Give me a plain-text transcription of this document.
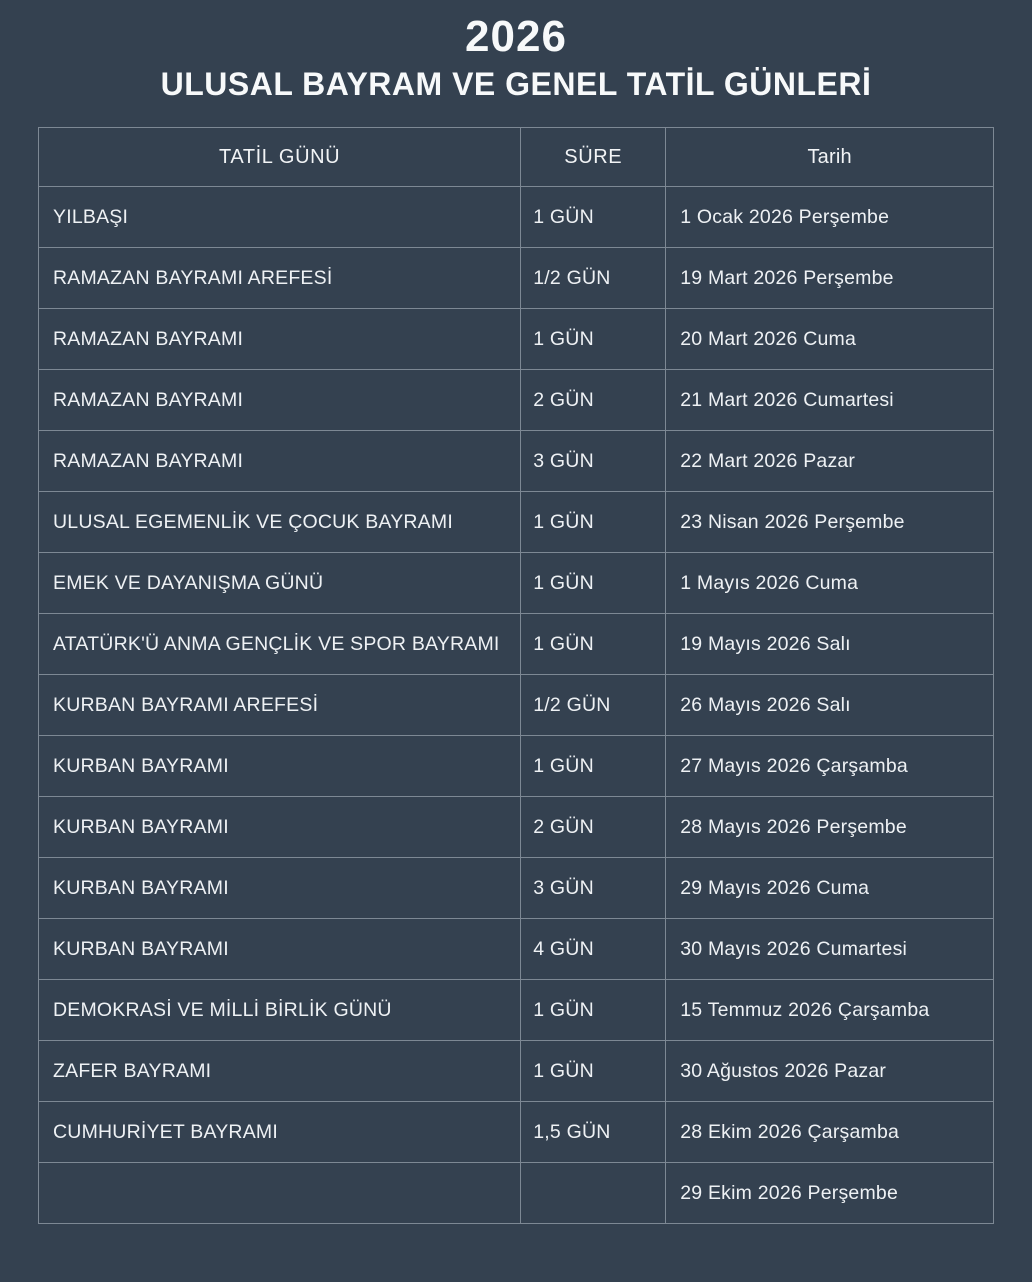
2026
ULUSAL BAYRAM VE GENEL TATİL GÜNLERİ
TATİL GÜNÜ	SÜRE	Tarih
YILBAŞI	1 GÜN	1 Ocak 2026 Perşembe
RAMAZAN BAYRAMI AREFESİ	1/2 GÜN	19 Mart 2026 Perşembe
RAMAZAN BAYRAMI	1 GÜN	20 Mart 2026 Cuma
RAMAZAN BAYRAMI	2 GÜN	21 Mart 2026 Cumartesi
RAMAZAN BAYRAMI	3 GÜN	22 Mart 2026 Pazar
ULUSAL EGEMENLİK VE ÇOCUK BAYRAMI	1 GÜN	23 Nisan 2026 Perşembe
EMEK VE DAYANIŞMA GÜNÜ	1 GÜN	1 Mayıs 2026 Cuma
ATATÜRK'Ü ANMA GENÇLİK VE SPOR BAYRAMI	1 GÜN	19 Mayıs 2026 Salı
KURBAN BAYRAMI AREFESİ	1/2 GÜN	26 Mayıs 2026 Salı
KURBAN BAYRAMI	1 GÜN	27 Mayıs 2026 Çarşamba
KURBAN BAYRAMI	2 GÜN	28 Mayıs 2026 Perşembe
KURBAN BAYRAMI	3 GÜN	29 Mayıs 2026 Cuma
KURBAN BAYRAMI	4 GÜN	30 Mayıs 2026 Cumartesi
DEMOKRASİ VE MİLLİ BİRLİK GÜNÜ	1 GÜN	15 Temmuz 2026 Çarşamba
ZAFER BAYRAMI	1 GÜN	30 Ağustos 2026 Pazar
CUMHURİYET BAYRAMI	1,5 GÜN	28 Ekim 2026 Çarşamba
		29 Ekim 2026 Perşembe
